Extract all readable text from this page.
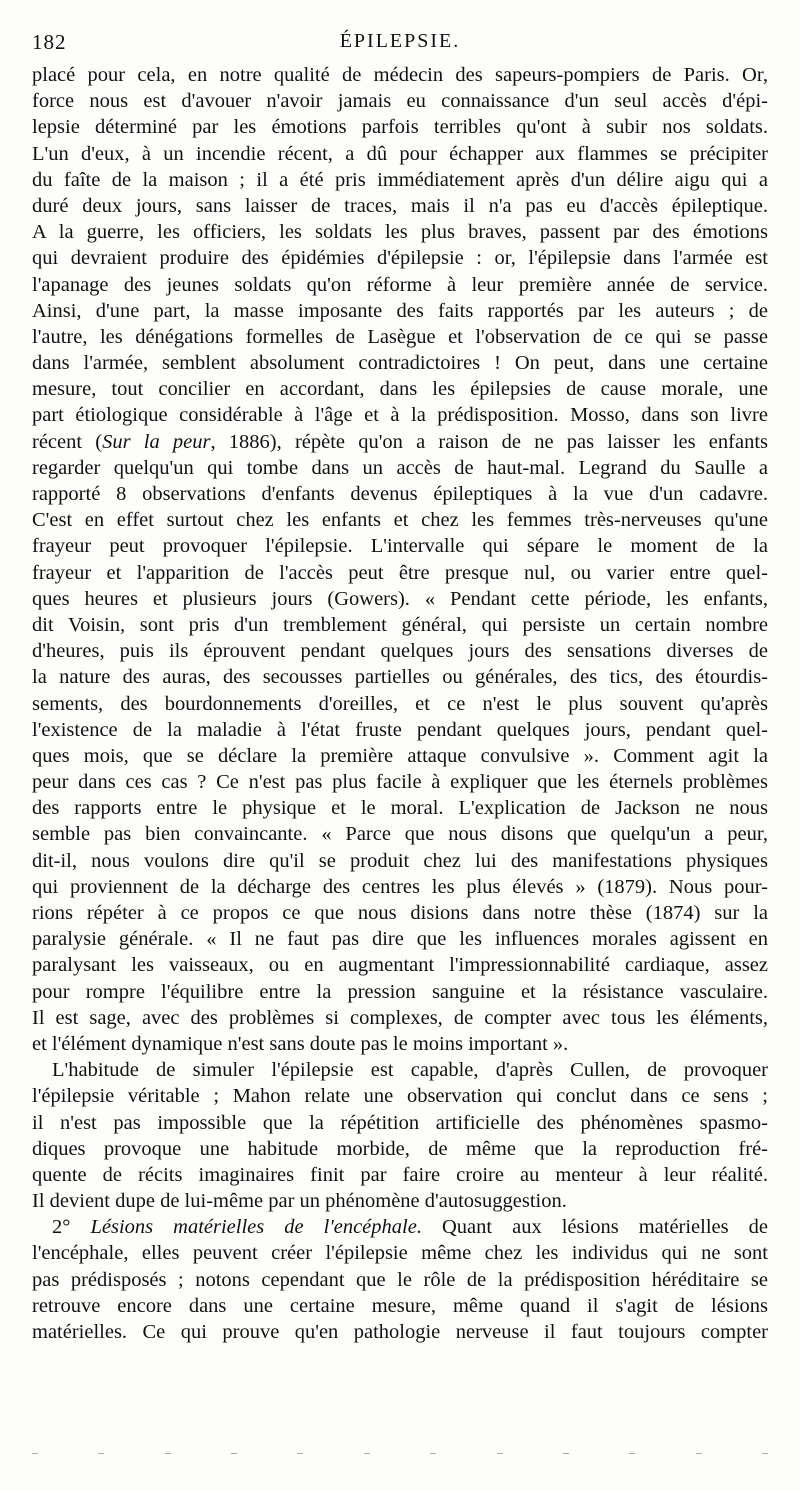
182	ÉPILEPSIE.
placé pour cela, en notre qualité de médecin des sapeurs-pompiers de Paris. Or,
force nous est d'avouer n'avoir jamais eu connaissance d'un seul accès d'épi-
lepsie déterminé par les émotions parfois terribles qu'ont à subir nos soldats.
L'un d'eux, à un incendie récent, a dû pour échapper aux flammes se précipiter
du faîte de la maison ; il a été pris immédiatement après d'un délire aigu qui a
duré deux jours, sans laisser de traces, mais il n'a pas eu d'accès épileptique.
A la guerre, les officiers, les soldats les plus braves, passent par des émotions
qui devraient produire des épidémies d'épilepsie : or, l'épilepsie dans l'armée est
l'apanage des jeunes soldats qu'on réforme à leur première année de service.
Ainsi, d'une part, la masse imposante des faits rapportés par les auteurs ; de
l'autre, les dénégations formelles de Lasègue et l'observation de ce qui se passe
dans l'armée, semblent absolument contradictoires ! On peut, dans une certaine
mesure, tout concilier en accordant, dans les épilepsies de cause morale, une
part étiologique considérable à l'âge et à la prédisposition. Mosso, dans son livre
récent (Sur la peur, 1886), répète qu'on a raison de ne pas laisser les enfants
regarder quelqu'un qui tombe dans un accès de haut-mal. Legrand du Saulle a
rapporté 8 observations d'enfants devenus épileptiques à la vue d'un cadavre.
C'est en effet surtout chez les enfants et chez les femmes très-nerveuses qu'une
frayeur peut provoquer l'épilepsie. L'intervalle qui sépare le moment de la
frayeur et l'apparition de l'accès peut être presque nul, ou varier entre quel-
ques heures et plusieurs jours (Gowers). « Pendant cette période, les enfants,
dit Voisin, sont pris d'un tremblement général, qui persiste un certain nombre
d'heures, puis ils éprouvent pendant quelques jours des sensations diverses de
la nature des auras, des secousses partielles ou générales, des tics, des étourdis-
sements, des bourdonnements d'oreilles, et ce n'est le plus souvent qu'après
l'existence de la maladie à l'état fruste pendant quelques jours, pendant quel-
ques mois, que se déclare la première attaque convulsive ». Comment agit la
peur dans ces cas ? Ce n'est pas plus facile à expliquer que les éternels problèmes
des rapports entre le physique et le moral. L'explication de Jackson ne nous
semble pas bien convaincante. « Parce que nous disons que quelqu'un a peur,
dit-il, nous voulons dire qu'il se produit chez lui des manifestations physiques
qui proviennent de la décharge des centres les plus élevés » (1879). Nous pour-
rions répéter à ce propos ce que nous disions dans notre thèse (1874) sur la
paralysie générale. « Il ne faut pas dire que les influences morales agissent en
paralysant les vaisseaux, ou en augmentant l'impressionnabilité cardiaque, assez
pour rompre l'équilibre entre la pression sanguine et la résistance vasculaire.
Il est sage, avec des problèmes si complexes, de compter avec tous les éléments,
et l'élément dynamique n'est sans doute pas le moins important ».
L'habitude de simuler l'épilepsie est capable, d'après Cullen, de provoquer
l'épilepsie véritable ; Mahon relate une observation qui conclut dans ce sens ;
il n'est pas impossible que la répétition artificielle des phénomènes spasmo-
diques provoque une habitude morbide, de même que la reproduction fré-
quente de récits imaginaires finit par faire croire au menteur à leur réalité.
Il devient dupe de lui-même par un phénomène d'autosuggestion.
2° Lésions matérielles de l'encéphale. Quant aux lésions matérielles de
l'encéphale, elles peuvent créer l'épilepsie même chez les individus qui ne sont
pas prédisposés ; notons cependant que le rôle de la prédisposition héréditaire se
retrouve encore dans une certaine mesure, même quand il s'agit de lésions
matérielles. Ce qui prouve qu'en pathologie nerveuse il faut toujours compter
